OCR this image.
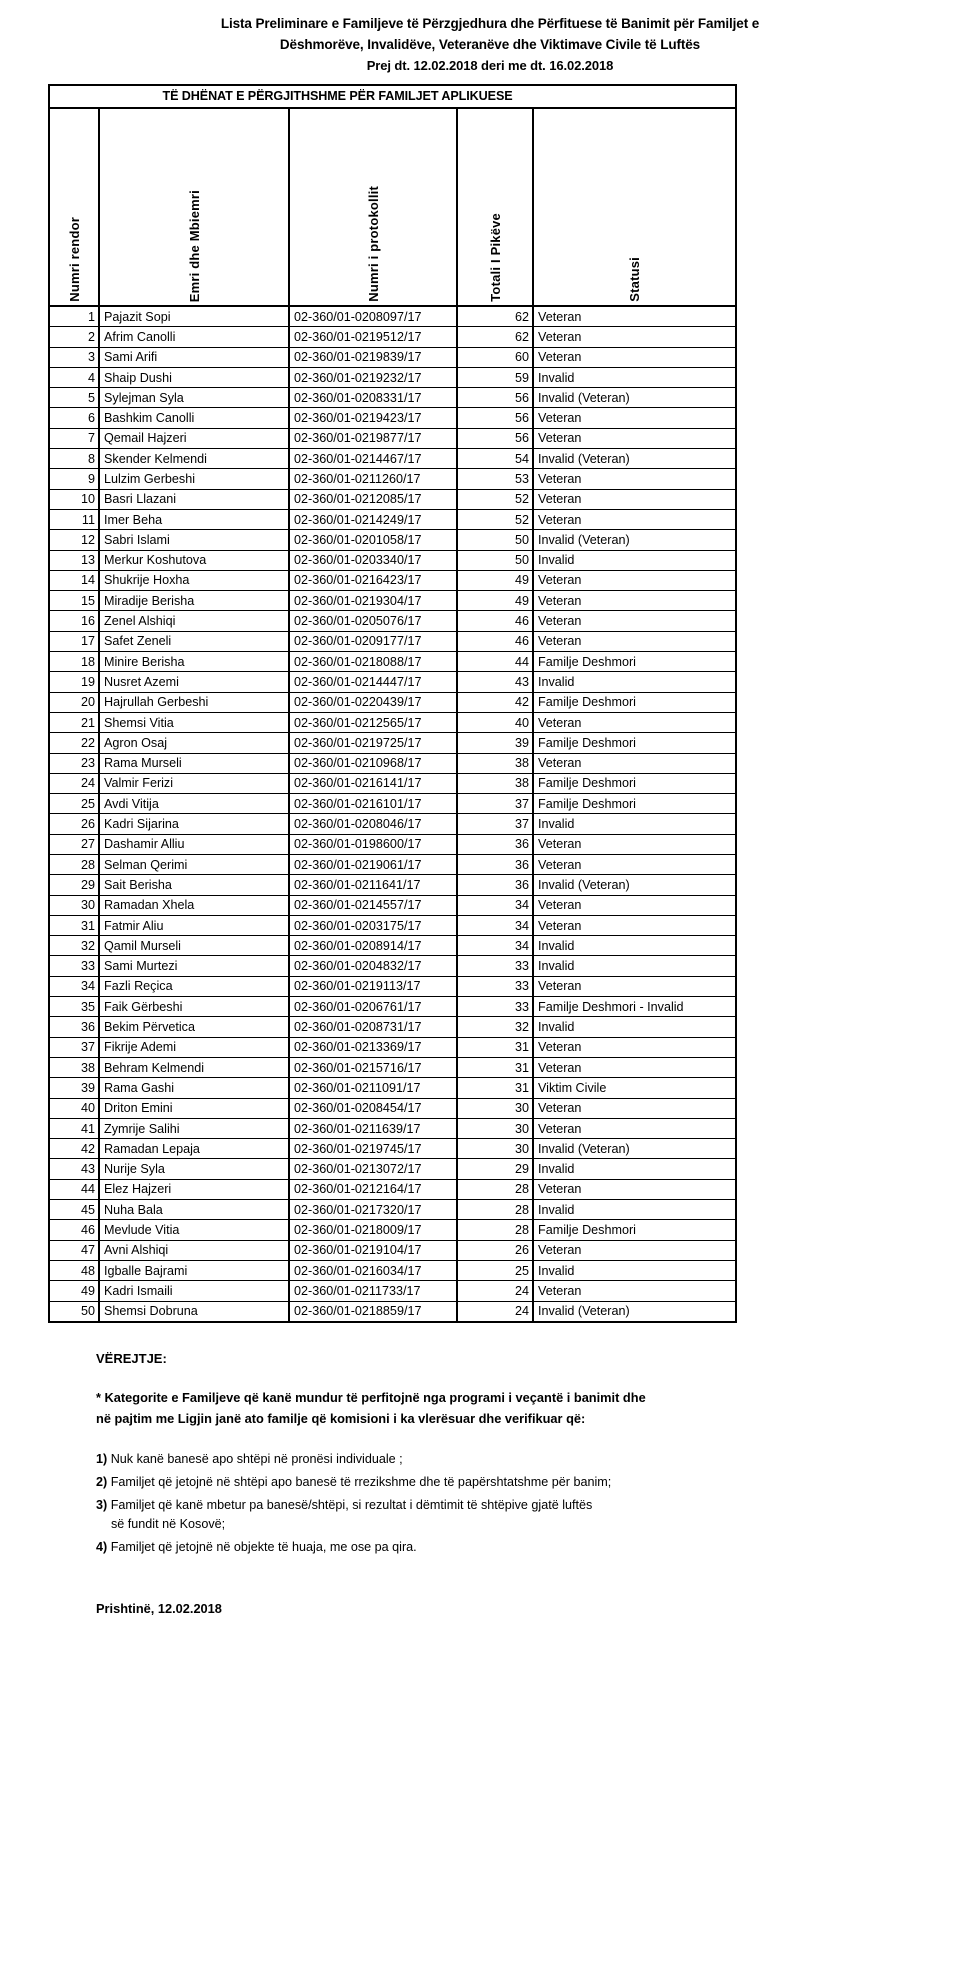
Lista Preliminare e Familjeve të Përzgjedhura dhe Përfituese të Banimit për Familjet e
Dëshmorëve, Invalidëve, Veteranëve dhe Viktimave Civile të Luftës
Prej dt. 12.02.2018 deri me dt. 16.02.2018
TË DHËNAT E PËRGJITHSHME PËR FAMILJET APLIKUESE				

Numri rendor	Emri dhe Mbiemri	Numri i protokollit	Totali I Pikëve	Statusi
1	Pajazit Sopi	02-360/01-0208097/17	62	Veteran
2	Afrim Canolli	02-360/01-0219512/17	62	Veteran
3	Sami Arifi	02-360/01-0219839/17	60	Veteran
4	Shaip Dushi	02-360/01-0219232/17	59	Invalid
5	Sylejman Syla	02-360/01-0208331/17	56	Invalid (Veteran)
6	Bashkim Canolli	02-360/01-0219423/17	56	Veteran
7	Qemail Hajzeri	02-360/01-0219877/17	56	Veteran
8	Skender Kelmendi	02-360/01-0214467/17	54	Invalid (Veteran)
9	Lulzim Gerbeshi	02-360/01-0211260/17	53	Veteran
10	Basri Llazani	02-360/01-0212085/17	52	Veteran
11	Imer Beha	02-360/01-0214249/17	52	Veteran
12	Sabri Islami	02-360/01-0201058/17	50	Invalid (Veteran)
13	Merkur Koshutova	02-360/01-0203340/17	50	Invalid
14	Shukrije Hoxha	02-360/01-0216423/17	49	Veteran
15	Miradije Berisha	02-360/01-0219304/17	49	Veteran
16	Zenel Alshiqi	02-360/01-0205076/17	46	Veteran
17	Safet Zeneli	02-360/01-0209177/17	46	Veteran
18	Minire Berisha	02-360/01-0218088/17	44	Familje Deshmori
19	Nusret Azemi	02-360/01-0214447/17	43	Invalid
20	Hajrullah Gerbeshi	02-360/01-0220439/17	42	Familje Deshmori
21	Shemsi Vitia	02-360/01-0212565/17	40	Veteran
22	Agron Osaj	02-360/01-0219725/17	39	Familje Deshmori
23	Rama Murseli	02-360/01-0210968/17	38	Veteran
24	Valmir Ferizi	02-360/01-0216141/17	38	Familje Deshmori
25	Avdi Vitija	02-360/01-0216101/17	37	Familje Deshmori
26	Kadri Sijarina	02-360/01-0208046/17	37	Invalid
27	Dashamir Alliu	02-360/01-0198600/17	36	Veteran
28	Selman Qerimi	02-360/01-0219061/17	36	Veteran
29	Sait Berisha	02-360/01-0211641/17	36	Invalid (Veteran)
30	Ramadan Xhela	02-360/01-0214557/17	34	Veteran
31	Fatmir Aliu	02-360/01-0203175/17	34	Veteran
32	Qamil Murseli	02-360/01-0208914/17	34	Invalid
33	Sami Murtezi	02-360/01-0204832/17	33	Invalid
34	Fazli Reçica	02-360/01-0219113/17	33	Veteran
35	Faik Gërbeshi	02-360/01-0206761/17	33	Familje Deshmori - Invalid
36	Bekim Përvetica	02-360/01-0208731/17	32	Invalid
37	Fikrije Ademi	02-360/01-0213369/17	31	Veteran
38	Behram Kelmendi	02-360/01-0215716/17	31	Veteran
39	Rama Gashi	02-360/01-0211091/17	31	Viktim Civile
40	Driton Emini	02-360/01-0208454/17	30	Veteran
41	Zymrije Salihi	02-360/01-0211639/17	30	Veteran
42	Ramadan Lepaja	02-360/01-0219745/17	30	Invalid (Veteran)
43	Nurije Syla	02-360/01-0213072/17	29	Invalid
44	Elez Hajzeri	02-360/01-0212164/17	28	Veteran
45	Nuha Bala	02-360/01-0217320/17	28	Invalid
46	Mevlude Vitia	02-360/01-0218009/17	28	Familje Deshmori
47	Avni Alshiqi	02-360/01-0219104/17	26	Veteran
48	Igballe Bajrami	02-360/01-0216034/17	25	Invalid
49	Kadri Ismaili	02-360/01-0211733/17	24	Veteran
50	Shemsi Dobruna	02-360/01-0218859/17	24	Invalid (Veteran)
VËREJTJE:
* Kategorite e Familjeve që kanë mundur të perfitojnë nga programi i veçantë i banimit dhe
në pajtim me Ligjin janë ato familje që komisioni i ka vlerësuar dhe verifikuar që:
1) Nuk kanë banesë apo shtëpi në pronësi individuale ;
2) Familjet që jetojnë në shtëpi apo banesë të rrezikshme dhe të papërshtatshme për banim;
3) Familjet që kanë mbetur pa banesë/shtëpi, si rezultat i dëmtimit të shtëpive gjatë luftës
së fundit në Kosovë;
4) Familjet që jetojnë në objekte të huaja, me ose pa qira.
Prishtinë, 12.02.2018
